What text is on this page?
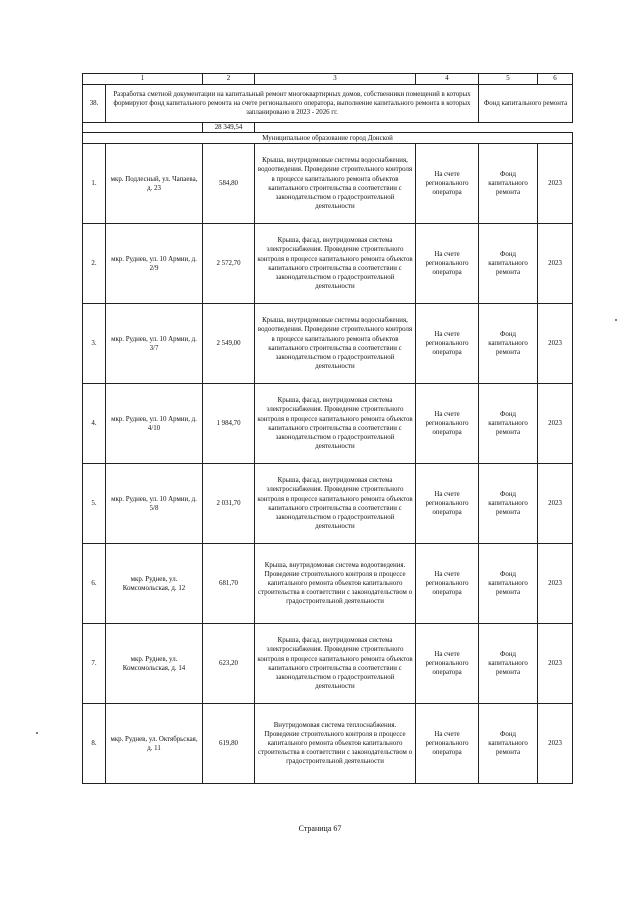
1		2	3	4	5	6
38.	Разработка сметной документации на капитальный ремонт многоквартирных домов, собственники помещений в которых формируют фонд капитального ремонта на счете регионального оператора, выполнение капитального ремонта в которых запланировано в 2023 - 2026 гг.				Фонд капитального ремонта	
		28 349,54				
Муниципальное образование город Донской						
1.	мкр. Подлесный, ул. Чапаева, д. 23	584,80	Крыша, внутридомовые системы водоснабжения, водоотведения. Проведение строительного контроля в процессе капитального ремонта объектов капитального строительства в соответствии с законодательством о градостроительной деятельности	На счете регионального оператора	Фонд капитального ремонта	2023
2.	мкр. Руднев, ул. 10 Армии, д. 2/9	2 572,70	Крыша, фасад, внутридомовая система электроснабжения. Проведение строительного контроля в процессе капитального ремонта объектов капитального строительства в соответствии с законодательством о градостроительной деятельности	На счете регионального оператора	Фонд капитального ремонта	2023
3.	мкр. Руднев, ул. 10 Армии, д. 3/7	2 549,00	Крыша, внутридомовые системы водоснабжения, водоотведения. Проведение строительного контроля в процессе капитального ремонта объектов капитального строительства в соответствии с законодательством о градостроительной деятельности	На счете регионального оператора	Фонд капитального ремонта	2023
4.	мкр. Руднев, ул. 10 Армии, д. 4/10	1 984,70	Крыша, фасад, внутридомовая система электроснабжения. Проведение строительного контроля в процессе капитального ремонта объектов капитального строительства в соответствии с законодательством о градостроительной деятельности	На счете регионального оператора	Фонд капитального ремонта	2023
5.	мкр. Руднев, ул. 10 Армии, д. 5/8	2 031,70	Крыша, фасад, внутридомовая система электроснабжения. Проведение строительного контроля в процессе капитального ремонта объектов капитального строительства в соответствии с законодательством о градостроительной деятельности	На счете регионального оператора	Фонд капитального ремонта	2023
6.	мкр. Руднев, ул. Комсомольская, д. 12	681,70	Крыша, внутридомовая система водоотведения. Проведение строительного контроля в процессе капитального ремонта объектов капитального строительства в соответствии с законодательством о градостроительной деятельности	На счете регионального оператора	Фонд капитального ремонта	2023
7.	мкр. Руднев, ул. Комсомольская, д. 14	623,20	Крыша, фасад, внутридомовая система электроснабжения. Проведение строительного контроля в процессе капитального ремонта объектов капитального строительства в соответствии с законодательством о градостроительной деятельности	На счете регионального оператора	Фонд капитального ремонта	2023
8.	мкр. Руднев, ул. Октябрьская, д. 11	619,80	Внутридомовая система теплоснабжения. Проведение строительного контроля в процессе капитального ремонта объектов капитального строительства в соответствии с законодательством о градостроительной деятельности	На счете регионального оператора	Фонд капитального ремонта	2023
Страница 67
